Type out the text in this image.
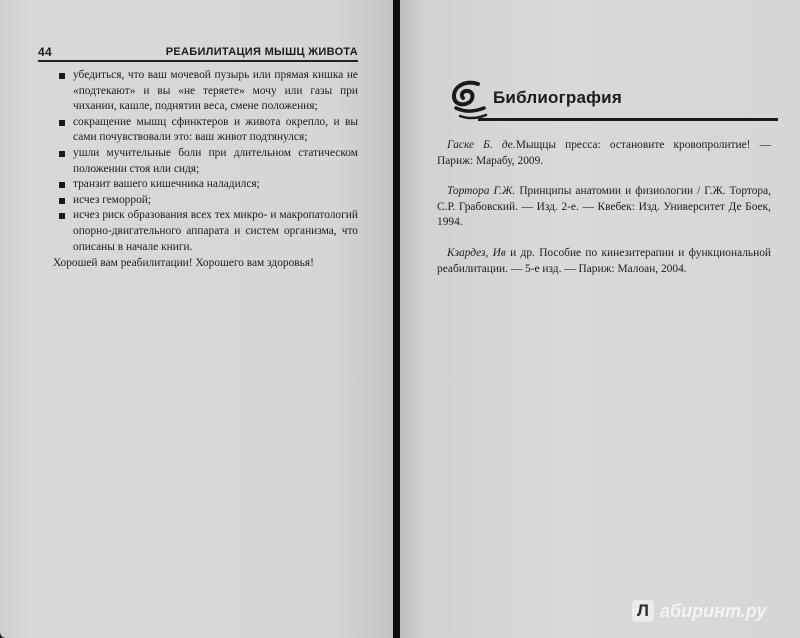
44	РЕАБИЛИТАЦИЯ МЫШЦ ЖИВОТА
убедиться, что ваш мочевой пузырь или прямая кишка не «подтекают» и вы «не теряете» мочу или газы при чихании, кашле, поднятии веса, смене положения;
сокращение мышц сфинктеров и живота окрепло, и вы сами почувствовали это: ваш живот подтянулся;
ушли мучительные боли при длительном статическом положении стоя или сидя;
транзит вашего кишечника наладился;
исчез геморрой;
исчез риск образования всех тех микро- и макропатологий опорно-двигательного аппарата и систем организма, что описаны в начале книги.

Хорошей вам реабилитации! Хорошего вам здоровья!

Библиография

Гаске Б. де.Мыщцы пресса: остановите кровопролитие! — Париж: Марабу, 2009.

Тортора Г.Ж. Принципы анатомии и физиологии / Г.Ж. Тортора, С.Р. Грабовский. — Изд. 2-е. — Квебек: Изд. Университет Де Боек, 1994.

Кзардез, Ив и др. Пособие по кинезитерапии и функциональной реабилитации. — 5-е изд. — Париж: Малоан, 2004.

Л абиринт.ру
